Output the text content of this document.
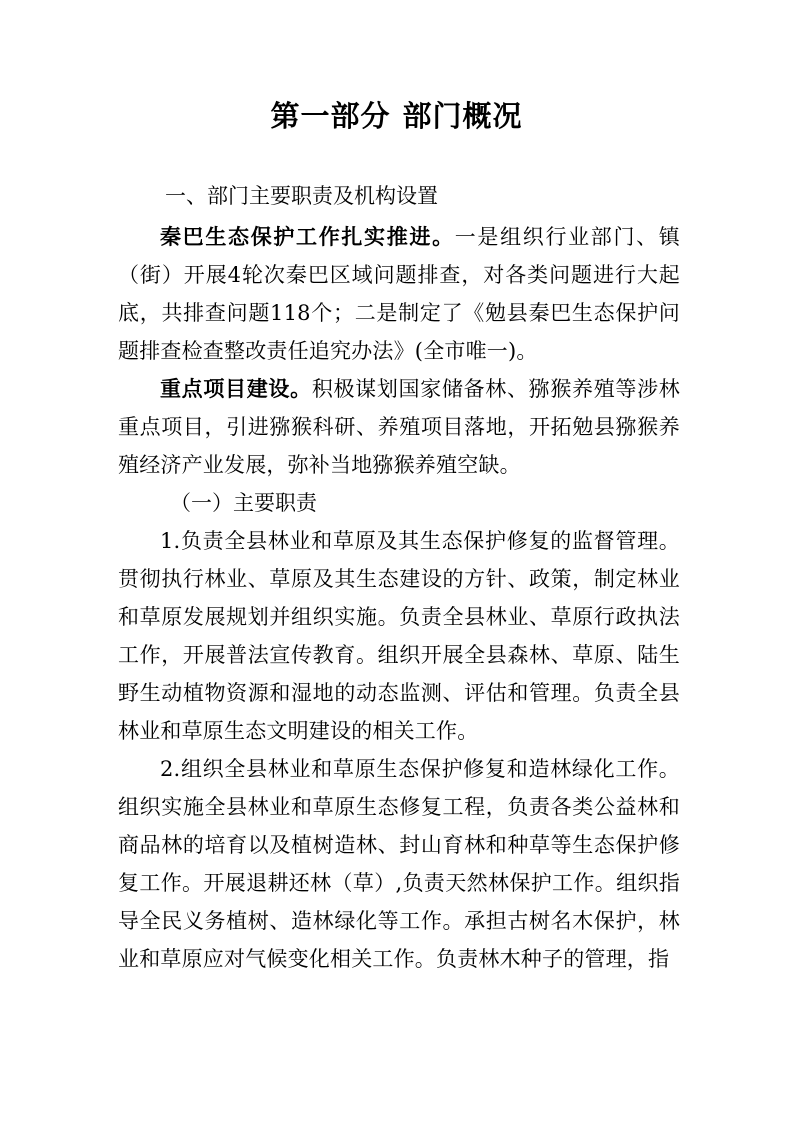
第一部分 部门概况
一、部门主要职责及机构设置

秦巴生态保护工作扎实推进。一是组织行业部门、镇（街）开展4轮次秦巴区域问题排查，对各类问题进行大起底，共排查问题118个；二是制定了《勉县秦巴生态保护问题排查检查整改责任追究办法》(全市唯一)。

重点项目建设。积极谋划国家储备林、猕猴养殖等涉林重点项目，引进猕猴科研、养殖项目落地，开拓勉县猕猴养殖经济产业发展，弥补当地猕猴养殖空缺。

（一）主要职责

1.负责全县林业和草原及其生态保护修复的监督管理。贯彻执行林业、草原及其生态建设的方针、政策，制定林业和草原发展规划并组织实施。负责全县林业、草原行政执法工作，开展普法宣传教育。组织开展全县森林、草原、陆生野生动植物资源和湿地的动态监测、评估和管理。负责全县林业和草原生态文明建设的相关工作。

2.组织全县林业和草原生态保护修复和造林绿化工作。组织实施全县林业和草原生态修复工程，负责各类公益林和商品林的培育以及植树造林、封山育林和种草等生态保护修复工作。开展退耕还林（草）,负责天然林保护工作。组织指导全民义务植树、造林绿化等工作。承担古树名木保护，林业和草原应对气候变化相关工作。负责林木种子的管理，指
